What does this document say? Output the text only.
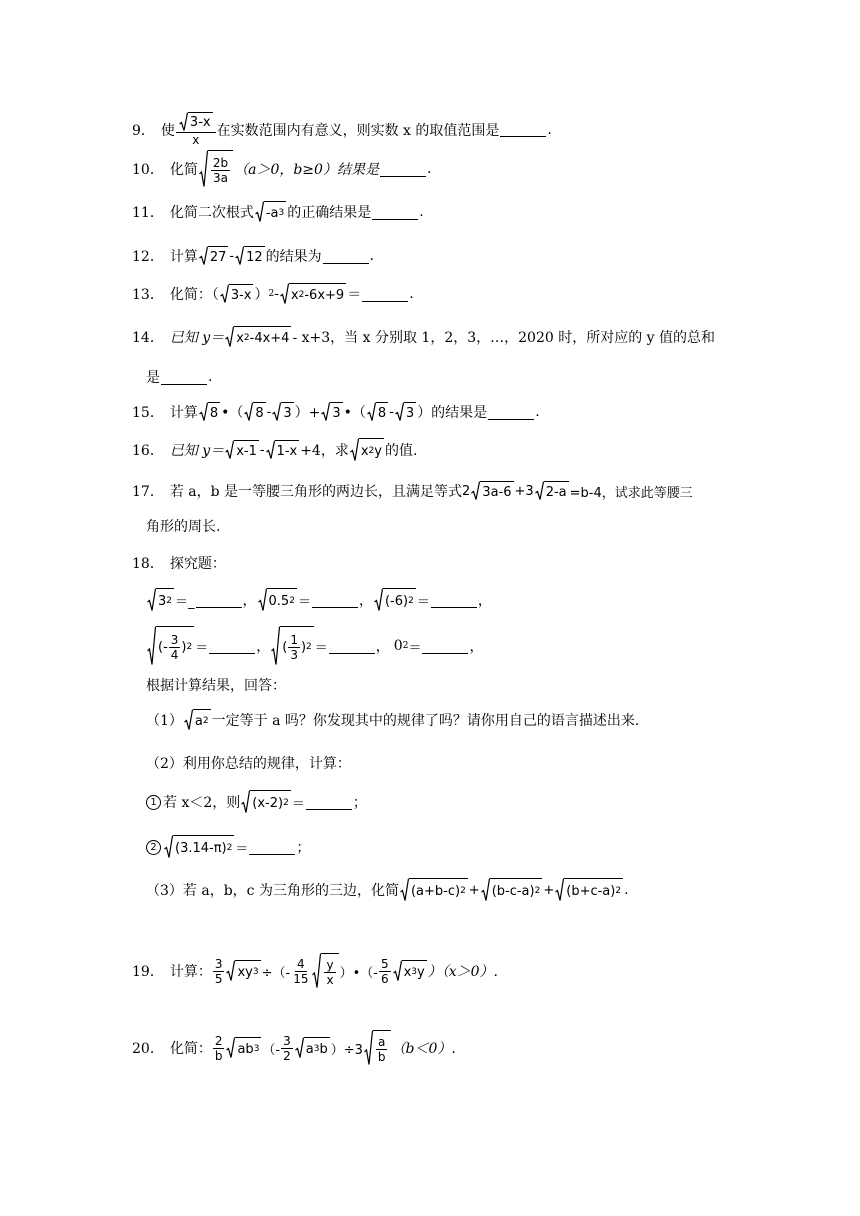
9． 使 $\frac{3-x}{x}$ 在实数范围内有意义，则实数 x 的取值范围是	.
10． 化简 $\frac{2b}{3a} (a>0$，b≥0）结果是	.
11． 化简二次根式 -a 3 的正确结果是	.
12． 计算 27 - 12 的结果为	.
13． 化简：（ 3-x ） 2 - x 2 -6x+9 ＝	.
14． 已知 y＝ x 2 -4x+4 - x+3，当 x 分别取 1，2，3，…，2020 时，所对应的 y 值的总和
是	.
15． 计算 8 •（ 8 - 3 ）+ 3 •（ 8 - 3 ）的结果是	.
16． 已知 y＝ x-1 - 1-x +4，求 x 2 y 的值.
17． 若 a，b 是一等腰三角形的两边长，且满足等式 2 3a-6 +3 2-a =b-4，试求此等腰三
角形的周长.
18． 探究题：
3 2 ＝_	， 0.5 2 ＝	， (-6) 2 ＝	，
(- $\frac{3}{4}$ ) 2 ＝	， ( $\frac{1}{3}$ ) 2 ＝	， 0 2 ＝	，
根据计算结果，回答：
（1） a 2 一定等于 a 吗？你发现其中的规律了吗？请你用自己的语言描述出来.
（2）利用你总结的规律，计算：
1 若 x＜2，则 (x-2) 2 ＝	；
2	(3.14-π) 2 ＝	；
（3）若 a，b，c 为三角形的三边，化简 (a+b-c) 2 + (b-c-a) 2 + (b+c-a) 2 .
19． 计算： $\frac{3}{5}$ xy 3 ÷（- $\frac{4}{15} \frac{y}{x}$ ）•（- $\frac{5}{6}$ x 3 y ）（x＞0）.
20． 化简： $\frac{2}{b}$ ab 3 （- $\frac{3}{2}$ a 3 b ）$\div 3 \frac{a}{b} (b<0)$.
